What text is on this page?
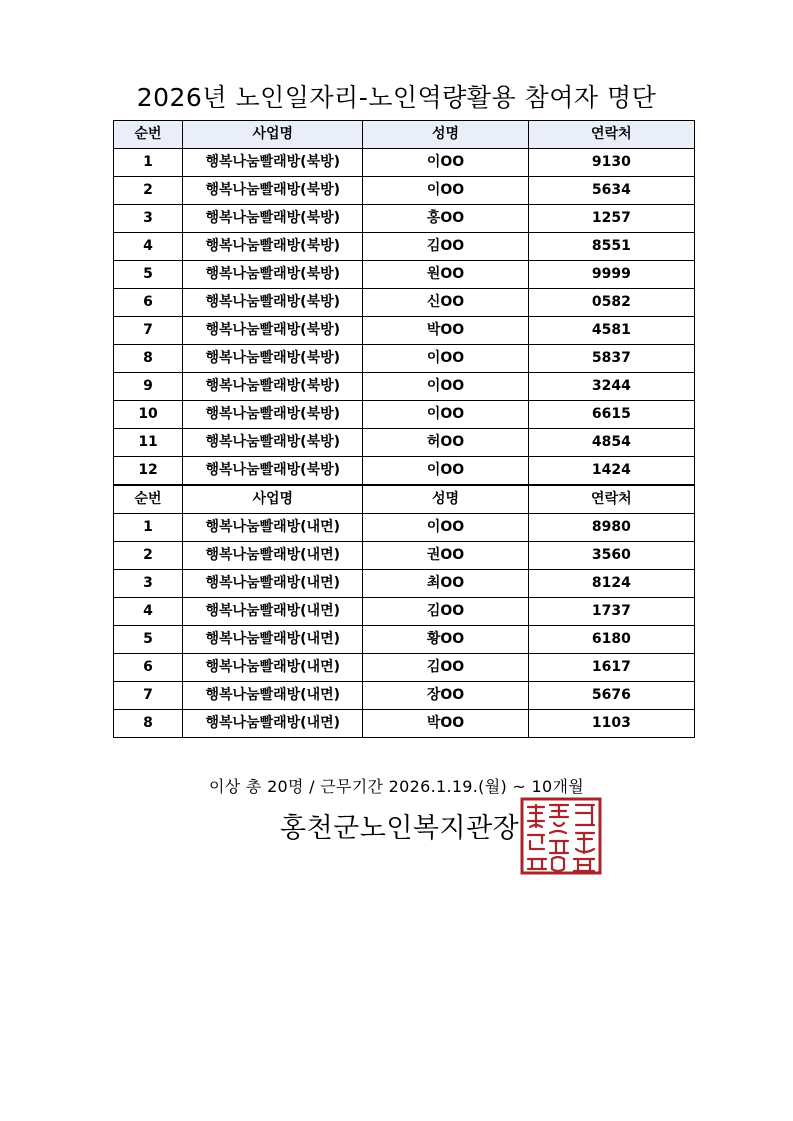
2026년 노인일자리-노인역량활용 참여자 명단
순번	사업명	성명	연락처
1	행복나눔빨래방(북방)	이OO	9130
2	행복나눔빨래방(북방)	이OO	5634
3	행복나눔빨래방(북방)	홍OO	1257
4	행복나눔빨래방(북방)	김OO	8551
5	행복나눔빨래방(북방)	원OO	9999
6	행복나눔빨래방(북방)	신OO	0582
7	행복나눔빨래방(북방)	박OO	4581
8	행복나눔빨래방(북방)	이OO	5837
9	행복나눔빨래방(북방)	이OO	3244
10	행복나눔빨래방(북방)	이OO	6615
11	행복나눔빨래방(북방)	허OO	4854
12	행복나눔빨래방(북방)	이OO	1424
순번	사업명	성명	연락처
1	행복나눔빨래방(내면)	이OO	8980
2	행복나눔빨래방(내면)	권OO	3560
3	행복나눔빨래방(내면)	최OO	8124
4	행복나눔빨래방(내면)	김OO	1737
5	행복나눔빨래방(내면)	황OO	6180
6	행복나눔빨래방(내면)	김OO	1617
7	행복나눔빨래방(내면)	장OO	5676
8	행복나눔빨래방(내면)	박OO	1103
이상 총 20명 / 근무기간 2026.1.19.(월) ~ 10개월
홍천군노인복지관장
